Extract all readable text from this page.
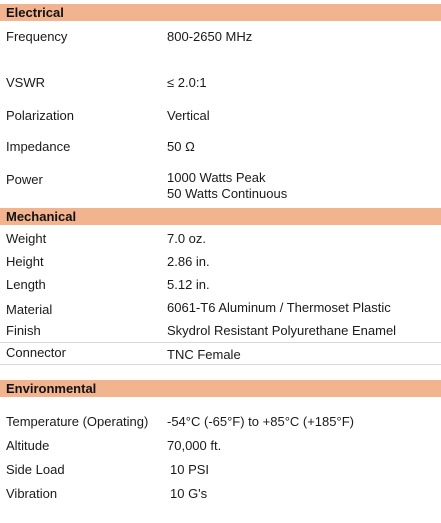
Electrical
Frequency	800-2650 MHz
VSWR	≤ 2.0:1
Polarization	Vertical
Impedance	50 Ω
Power	1000 Watts Peak
50 Watts Continuous
Mechanical
Weight	7.0 oz.
Height	2.86 in.
Length	5.12 in.
Material	6061-T6 Aluminum / Thermoset Plastic
Finish	Skydrol Resistant Polyurethane Enamel
Connector	TNC Female
Environmental
Temperature (Operating) -54°C (-65°F) to +85°C (+185°F)
Altitude	70,000 ft.
Side Load	10 PSI
Vibration	10 G's
